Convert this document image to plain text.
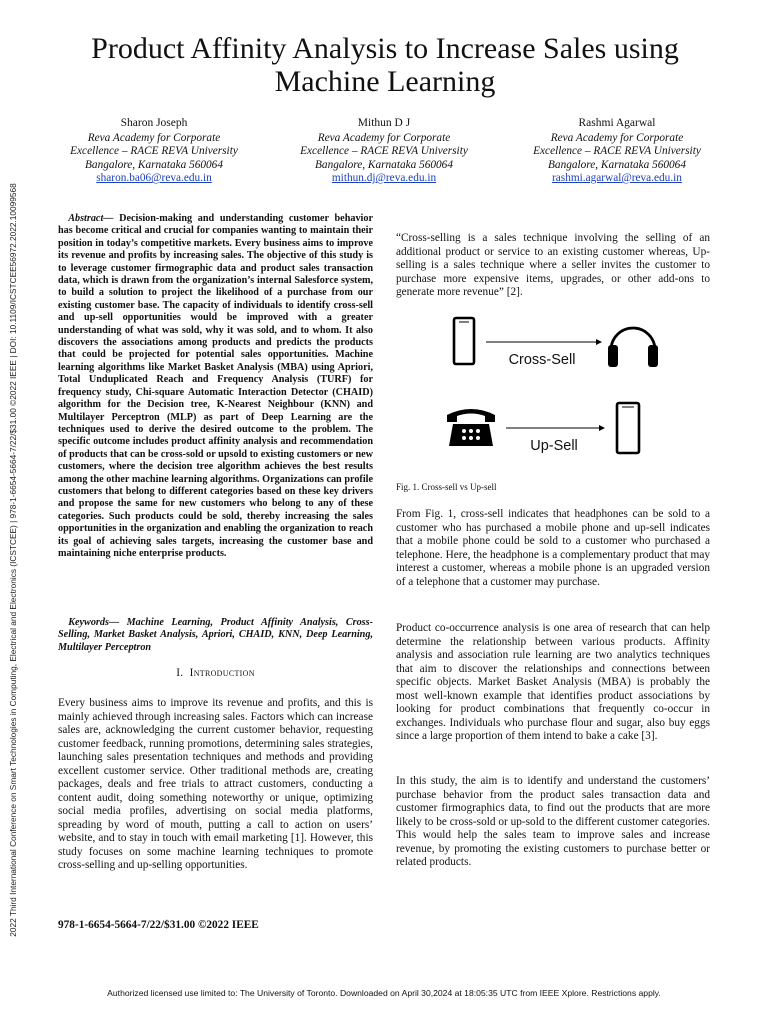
2022 Third International Conference on Smart Technologies in Computing, Electrical and Electronics (ICSTCEE) | 978-1-6654-5664-7/22/$31.00 ©2022 IEEE | DOI: 10.1109/ICSTCEE56972.2022.10099568
Product Affinity Analysis to Increase Sales using Machine Learning
Sharon Joseph
Reva Academy for Corporate
Excellence – RACE REVA University
Bangalore, Karnataka 560064
sharon.ba06@reva.edu.in
Mithun D J
Reva Academy for Corporate
Excellence – RACE REVA University
Bangalore, Karnataka 560064
mithun.dj@reva.edu.in
Rashmi Agarwal
Reva Academy for Corporate
Excellence – RACE REVA University
Bangalore, Karnataka 560064
rashmi.agarwal@reva.edu.in

 Abstract— Decision-making and understanding customer behavior has become critical and crucial for companies wanting to maintain their position in today’s competitive markets. Every business aims to improve its revenue and profits by increasing sales. The objective of this study is to leverage customer firmographic data and product sales transaction data, which is drawn from the organization’s internal Salesforce system, to build a solution to project the likelihood of a purchase from our existing customer base. The capacity of individuals to identify cross-sell and up-sell opportunities would be improved with a greater understanding of what was sold, why it was sold, and to whom. It also discovers the associations among products and predicts the products that could be projected for potential sales opportunities. Machine learning algorithms like Market Basket Analysis (MBA) using Apriori, Total Unduplicated Reach and Frequency Analysis (TURF) for frequency study, Chi-square Automatic Interaction Detector (CHAID) algorithm for the Decision tree, K-Nearest Neighbour (KNN) and Multilayer Perceptron (MLP) as part of Deep Learning are the techniques used to derive the desired outcome to the problem. The specific outcome includes product affinity analysis and recommendation of products that can be cross-sold or upsold to existing customers or new customers, where the decision tree algorithm achieves the best results among the other machine learning algorithms. Organizations can profile customers that belong to different categories based on these key drivers and propose the same for new customers who belong to any of these categories. Such products could be sold, thereby increasing the sales opportunities in the organization and enabling the organization to reach its goal of achieving sales targets, increasing the customer base and maintaining niche enterprise products.

 Keywords— Machine Learning, Product Affinity Analysis, Cross-Selling, Market Basket Analysis, Apriori, CHAID, KNN, Deep Learning, Multilayer Perceptron

I. Introduction

Every business aims to improve its revenue and profits, and this is mainly achieved through increasing sales. Factors which can increase sales are, acknowledging the current customer behavior, requesting customer feedback, running promotions, determining sales strategies, launching sales presentation techniques and methods and providing excellent customer service. Other traditional methods are, creating packages, deals and free trials to attract customers, conducting a content audit, doing something noteworthy or unique, optimizing social media profiles, advertising on social media platforms, spreading by word of mouth, putting a call to action on users’ website, and to stay in touch with email marketing [1]. However, this study focuses on some machine learning techniques to promote cross-selling and up-selling opportunities.

978-1-6654-5664-7/22/$31.00 ©2022 IEEE

“Cross-selling is a sales technique involving the selling of an additional product or service to an existing customer whereas, Up-selling is a sales technique where a seller invites the customer to purchase more expensive items, upgrades, or other add-ons to generate more revenue” [2].

Cross-Sell
Up-Sell
Fig. 1. Cross-sell vs Up-sell

From Fig. 1, cross-sell indicates that headphones can be sold to a customer who has purchased a mobile phone and up-sell indicates that a mobile phone could be sold to a customer who purchased a telephone. Here, the headphone is a complementary product that may interest a customer, whereas a mobile phone is an upgraded version of a telephone that a customer may purchase.

Product co-occurrence analysis is one area of research that can help determine the relationship between various products. Affinity analysis and association rule learning are two analytics techniques that aim to discover the relationships and connections between specific objects. Market Basket Analysis (MBA) is probably the most well-known example that identifies product associations by looking for product combinations that frequently co-occur in exchanges. Individuals who purchase flour and sugar, also buy eggs since a large proportion of them intend to bake a cake [3].

In this study, the aim is to identify and understand the customers’ purchase behavior from the product sales transaction data and customer firmographics data, to find out the products that are more likely to be cross-sold or up-sold to the different customer categories. This would help the sales team to improve sales and increase revenue, by promoting the existing customers to purchase better or related products.

Authorized licensed use limited to: The University of Toronto. Downloaded on April 30,2024 at 18:05:35 UTC from IEEE Xplore. Restrictions apply.
